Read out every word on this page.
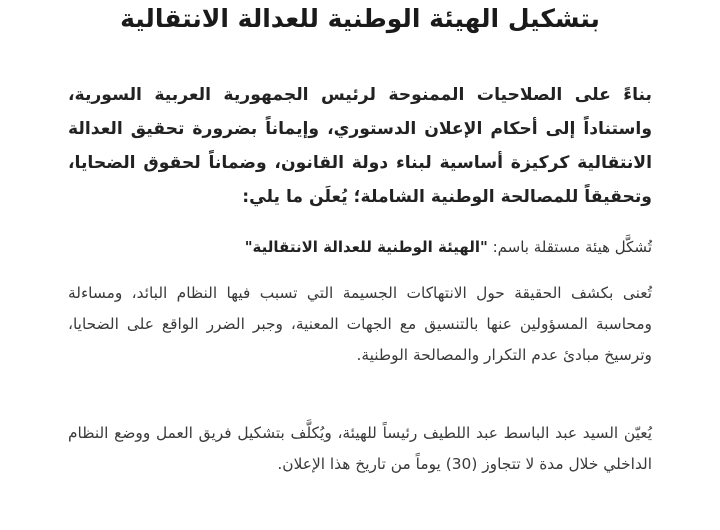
بتشكيل الهيئة الوطنية للعدالة الانتقالية

بناءً على الصلاحيات الممنوحة لرئيس الجمهورية العربية السورية، واستناداً إلى أحكام الإعلان الدستوري، وإيماناً بضرورة تحقيق العدالة الانتقالية كركيزة أساسية لبناء دولة القانون، وضماناً لحقوق الضحايا، وتحقيقاً للمصالحة الوطنية الشاملة؛ يُعلَن ما يلي:

تُشكَّل هيئة مستقلة باسم: "الهيئة الوطنية للعدالة الانتقالية"

تُعنى بكشف الحقيقة حول الانتهاكات الجسيمة التي تسبب فيها النظام البائد، ومساءلة ومحاسبة المسؤولين عنها بالتنسيق مع الجهات المعنية، وجبر الضرر الواقع على الضحايا، وترسيخ مبادئ عدم التكرار والمصالحة الوطنية.

يُعيّن السيد عبد الباسط عبد اللطيف رئيساً للهيئة، ويُكلَّف بتشكيل فريق العمل ووضع النظام الداخلي خلال مدة لا تتجاوز (30) يوماً من تاريخ هذا الإعلان.
